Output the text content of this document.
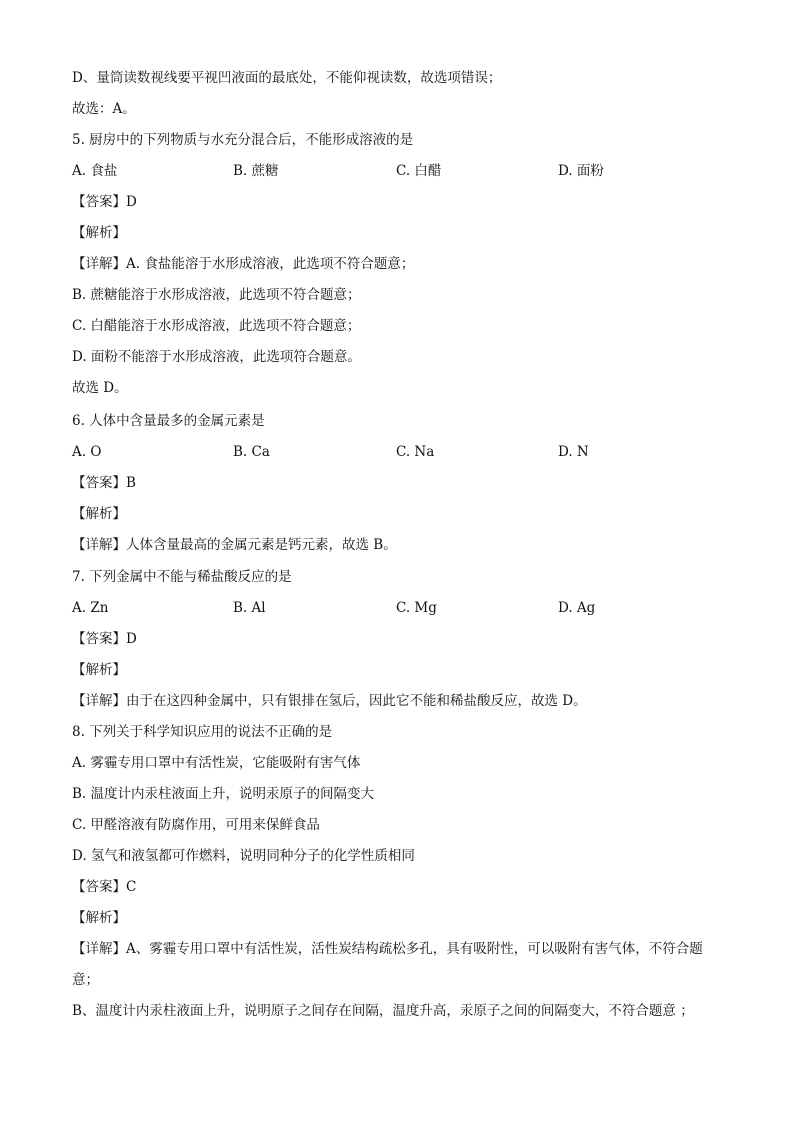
D、量筒读数视线要平视凹液面的最底处，不能仰视读数，故选项错误；
故选：A。
5. 厨房中的下列物质与水充分混合后，不能形成溶液的是
A. 食盐	B. 蔗糖	C. 白醋	D. 面粉
【答案】D
【解析】
【详解】A. 食盐能溶于水形成溶液，此选项不符合题意；
B. 蔗糖能溶于水形成溶液，此选项不符合题意；
C. 白醋能溶于水形成溶液，此选项不符合题意；
D. 面粉不能溶于水形成溶液，此选项符合题意。
故选 D。
6. 人体中含量最多的金属元素是
A. O	B. Ca	C. Na	D. N
【答案】B
【解析】
【详解】人体含量最高的金属元素是钙元素，故选 B。
7. 下列金属中不能与稀盐酸反应的是
A. Zn	B. Al	C. Mg	D. Ag
【答案】D
【解析】
【详解】由于在这四种金属中，只有银排在氢后，因此它不能和稀盐酸反应，故选 D。
8. 下列关于科学知识应用的说法不正确的是
A. 雾霾专用口罩中有活性炭，它能吸附有害气体
B. 温度计内汞柱液面上升，说明汞原子的间隔变大
C. 甲醛溶液有防腐作用，可用来保鲜食品
D. 氢气和液氢都可作燃料，说明同种分子的化学性质相同
【答案】C
【解析】
【详解】A、雾霾专用口罩中有活性炭，活性炭结构疏松多孔，具有吸附性，可以吸附有害气体，不符合题意；
B、温度计内汞柱液面上升，说明原子之间存在间隔，温度升高，汞原子之间的间隔变大，不符合题意 ；
